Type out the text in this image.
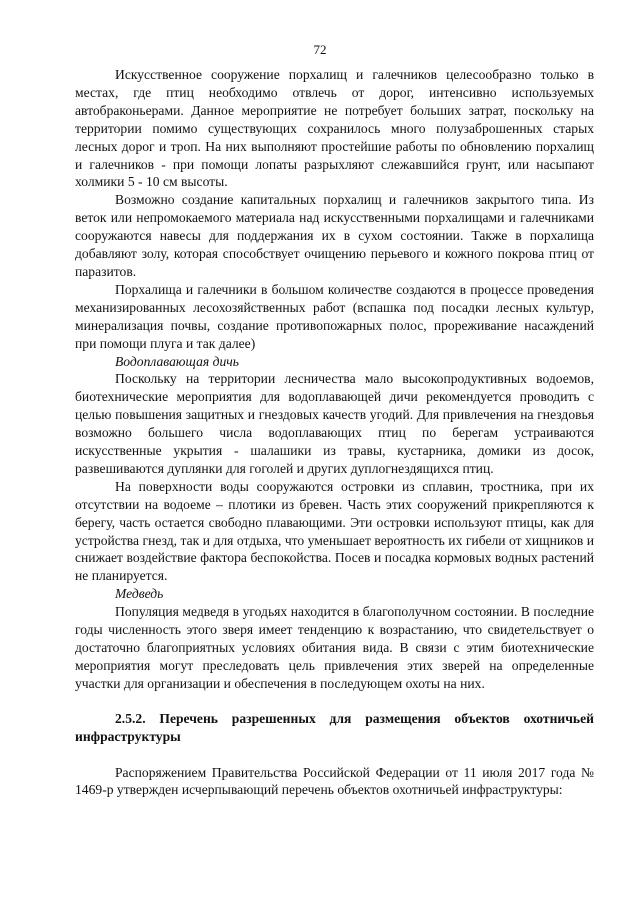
72

Искусственное сооружение порхалищ и галечников целесообразно только в местах, где птиц необходимо отвлечь от дорог, интенсивно используемых автобраконьерами. Данное мероприятие не потребует больших затрат, поскольку на территории помимо существующих сохранилось много полузаброшенных старых лесных дорог и троп. На них выполняют простейшие работы по обновлению порхалищ и галечников - при помощи лопаты разрыхляют слежавшийся грунт, или насыпают холмики 5 - 10 см высоты.

Возможно создание капитальных порхалищ и галечников закрытого типа. Из веток или непромокаемого материала над искусственными порхалищами и галечниками сооружаются навесы для поддержания их в сухом состоянии. Также в порхалища добавляют золу, которая способствует очищению перьевого и кожного покрова птиц от паразитов.

Порхалища и галечники в большом количестве создаются в процессе проведения механизированных лесохозяйственных работ (вспашка под посадки лесных культур, минерализация почвы, создание противопожарных полос, прореживание насаждений при помощи плуга и так далее)

Водоплавающая дичь

Поскольку на территории лесничества мало высокопродуктивных водоемов, биотехнические мероприятия для водоплавающей дичи рекомендуется проводить с целью повышения защитных и гнездовых качеств угодий. Для привлечения на гнездовья возможно большего числа водоплавающих птиц по берегам устраиваются искусственные укрытия - шалашики из травы, кустарника, домики из досок, развешиваются дуплянки для гоголей и других дуплогнездящихся птиц.

На поверхности воды сооружаются островки из сплавин, тростника, при их отсутствии на водоеме – плотики из бревен. Часть этих сооружений прикрепляются к берегу, часть остается свободно плавающими. Эти островки используют птицы, как для устройства гнезд, так и для отдыха, что уменьшает вероятность их гибели от хищников и снижает воздействие фактора беспокойства. Посев и посадка кормовых водных растений не планируется.

Медведь

Популяция медведя в угодьях находится в благополучном состоянии. В последние годы численность этого зверя имеет тенденцию к возрастанию, что свидетельствует о достаточно благоприятных условиях обитания вида. В связи с этим биотехнические мероприятия могут преследовать цель привлечения этих зверей на определенные участки для организации и обеспечения в последующем охоты на них.

2.5.2. Перечень разрешенных для размещения объектов охотничьей инфраструктуры

Распоряжением Правительства Российской Федерации от 11 июля 2017 года № 1469-р утвержден исчерпывающий перечень объектов охотничьей инфраструктуры:
